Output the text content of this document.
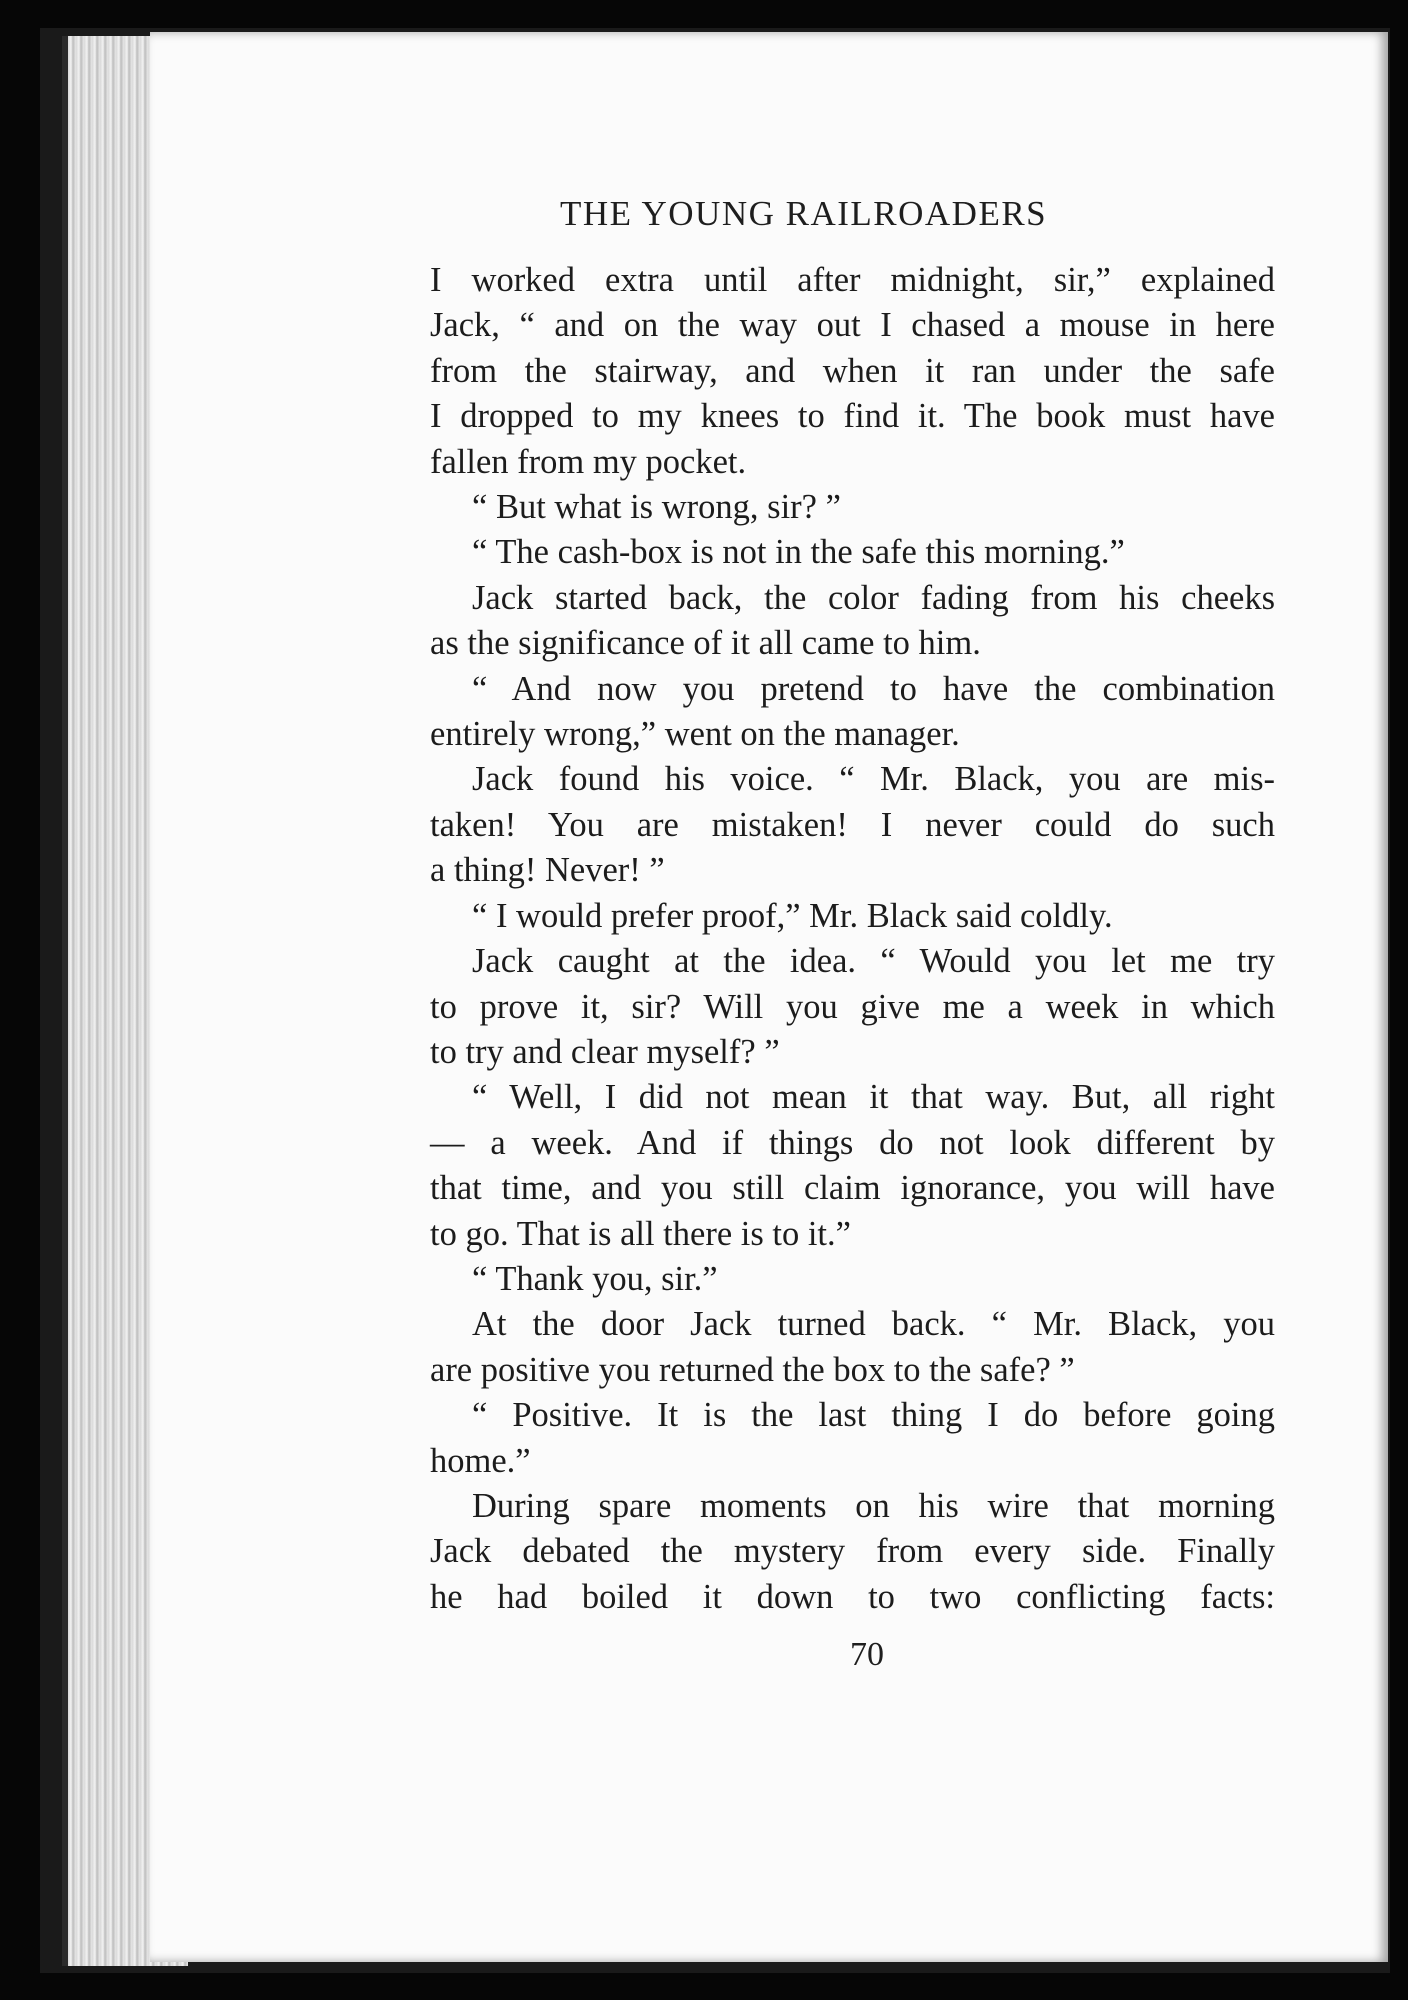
THE YOUNG RAILROADERS
I worked extra until after midnight, sir,” explained
Jack, “ and on the way out I chased a mouse in here
from the stairway, and when it ran under the safe
I dropped to my knees to find it. The book must have
fallen from my pocket.
“ But what is wrong, sir? ”
“ The cash-box is not in the safe this morning.”
Jack started back, the color fading from his cheeks
as the significance of it all came to him.
“ And now you pretend to have the combination
entirely wrong,” went on the manager.
Jack found his voice. “ Mr. Black, you are mis-
taken! You are mistaken! I never could do such
a thing! Never! ”
“ I would prefer proof,” Mr. Black said coldly.
Jack caught at the idea. “ Would you let me try
to prove it, sir? Will you give me a week in which
to try and clear myself? ”
“ Well, I did not mean it that way. But, all right
— a week. And if things do not look different by
that time, and you still claim ignorance, you will have
to go. That is all there is to it.”
“ Thank you, sir.”
At the door Jack turned back. “ Mr. Black, you
are positive you returned the box to the safe? ”
“ Positive. It is the last thing I do before going
home.”
During spare moments on his wire that morning
Jack debated the mystery from every side. Finally
he had boiled it down to two conflicting facts:
70
